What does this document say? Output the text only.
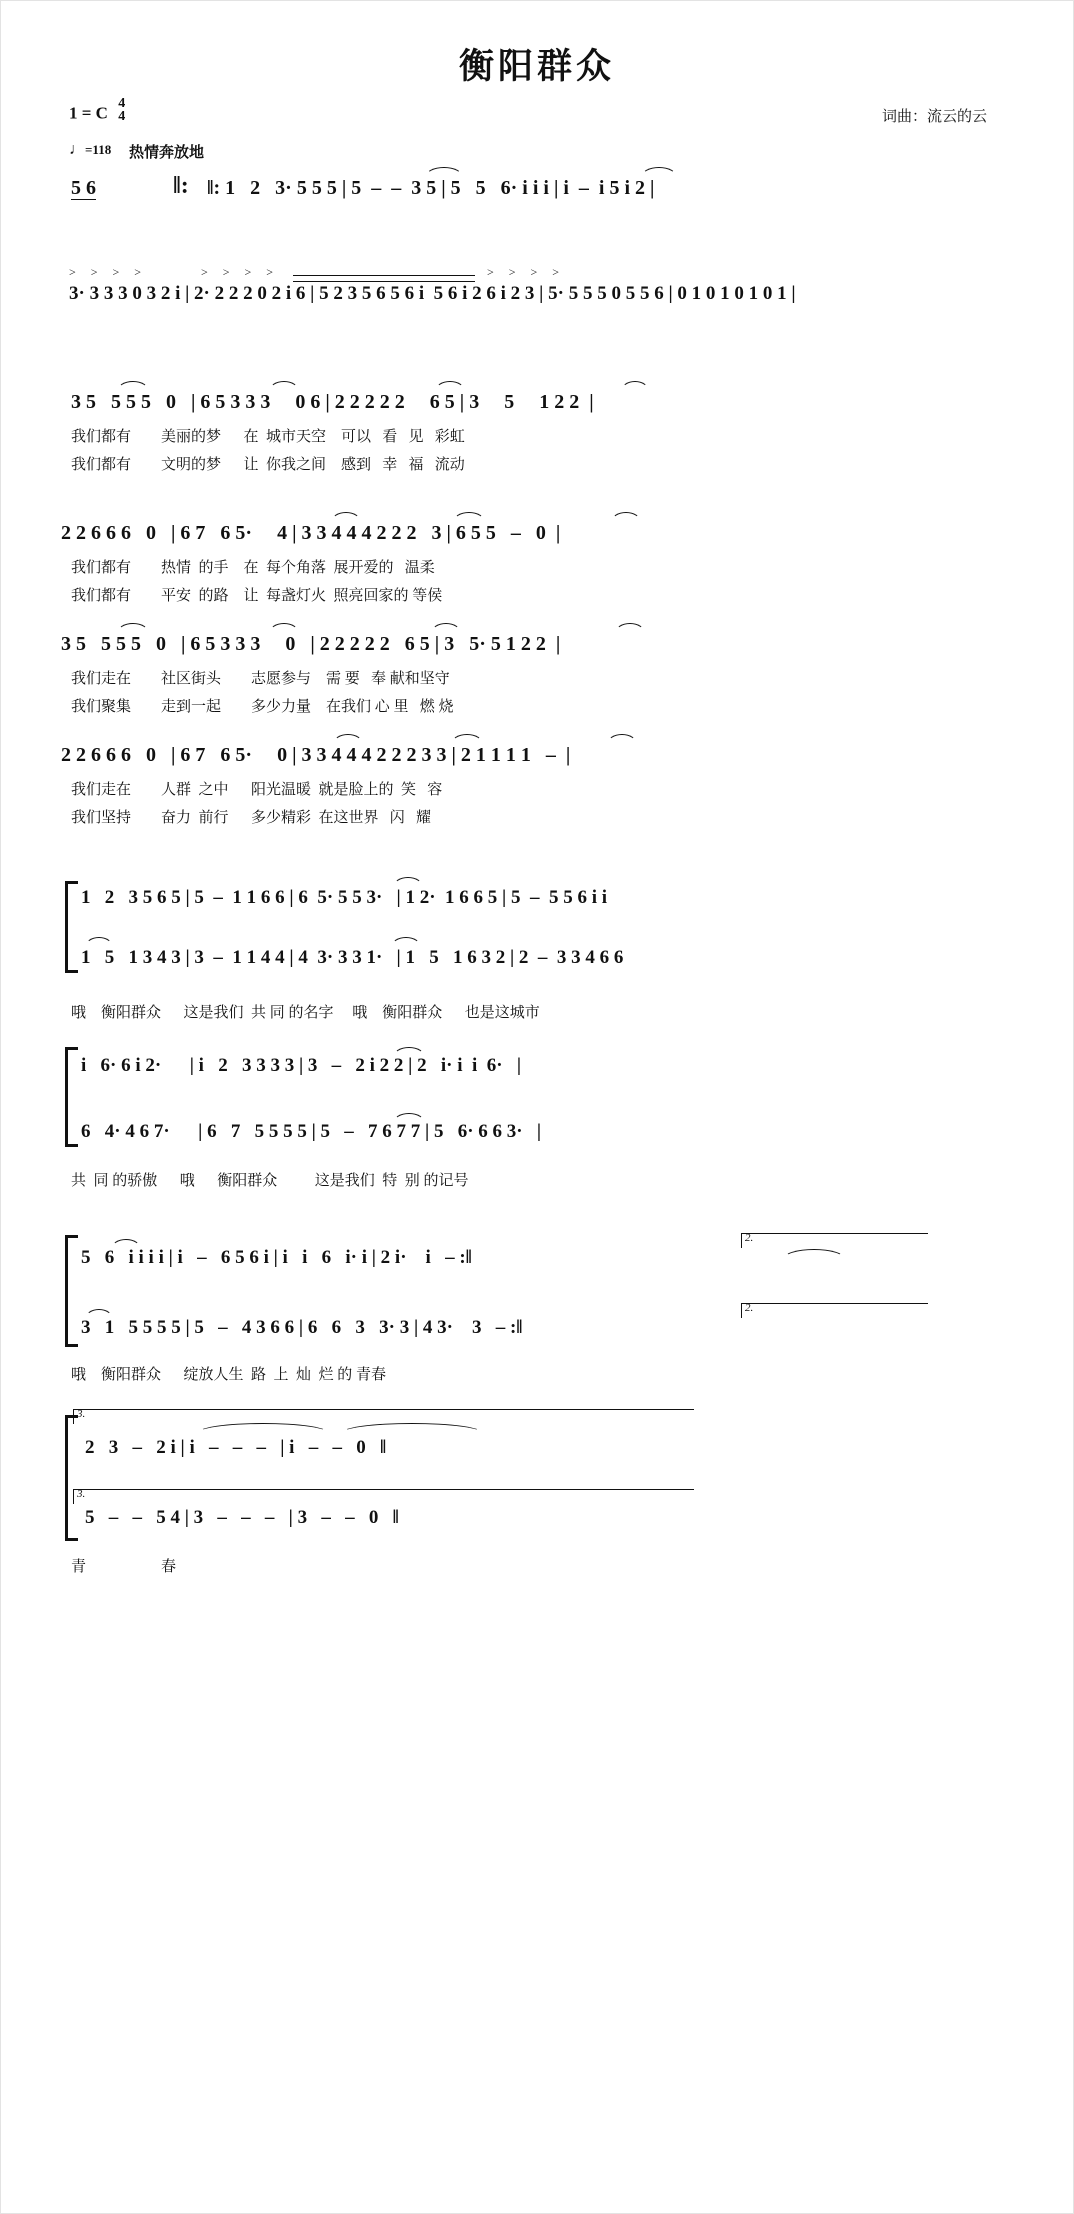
衡阳群众
1 = C 4
4	词曲：流云的云
♩=118 热情奔放地
5 6	‖: ‖: 1   2   3· 5 5 5 | 5  –  –  3 5 | 5   5   6· i i i | i  –  i 5 i 2 |
3· 3 3 3 0 3 2 i | 2· 2 2 2 0 2 i 6 | 5 2 3 5 6 5 6 i  5 6 i 2 6 i 2 3 | 5· 5 5 5 0 5 5 6 | 0 1 0 1 0 1 0 1 |
> > > >	> > > >	> > > >
3 5   5 5 5   0   | 6 5 3 3 3     0 6 | 2 2 2 2 2     6 5 | 3     5     1 2 2  |
我们都有        美丽的梦      在  城市天空    可以   看   见   彩虹
我们都有        文明的梦      让  你我之间    感到   幸   福   流动
2 2 6 6 6   0   | 6 7   6 5·     4 | 3 3 4 4 4 2 2 2   3 | 6 5 5   –   0  |
我们都有        热情  的手    在  每个角落  展开爱的   温柔
我们都有        平安  的路    让  每盏灯火  照亮回家的 等侯
3 5   5 5 5   0   | 6 5 3 3 3     0   | 2 2 2 2 2   6 5 | 3   5· 5 1 2 2  |
我们走在        社区街头        志愿参与    需 要   奉 献和坚守
我们聚集        走到一起        多少力量    在我们 心 里   燃 烧
2 2 6 6 6   0   | 6 7   6 5·     0 | 3 3 4 4 4 2 2 2 3 3 | 2 1 1 1 1   –  |
我们走在        人群  之中      阳光温暖  就是脸上的  笑   容
我们坚持        奋力  前行      多少精彩  在这世界   闪   耀
1   2   3 5 6 5 | 5  –  1 1 6 6 | 6  5· 5 5 3·   | 1 2·  1 6 6 5 | 5  –  5 5 6 i i
1   5   1 3 4 3 | 3  –  1 1 4 4 | 4  3· 3 3 1·   | 1   5   1 6 3 2 | 2  –  3 3 4 6 6
哦    衡阳群众      这是我们  共 同 的名字     哦    衡阳群众      也是这城市
i   6· 6 i 2·      | i   2   3 3 3 3 | 3   –   2 i 2 2 | 2   i· i  i  6·   |
6   4· 4 6 7·      | 6   7   5 5 5 5 | 5   –   7 6 7 7 | 5   6· 6 6 3·   |
共  同 的骄傲      哦      衡阳群众          这是我们  特  别 的记号
5   6   i i i i | i   –   6 5 6 i | i   i   6   i· i | 2 i·    i   – :‖
3   1   5 5 5 5 | 5   –   4 3 6 6 | 6   6   3   3· 3 | 4 3·    3   – :‖
2.
2.
哦    衡阳群众      绽放人生  路  上  灿  烂 的 青春
3.
3.
2   3   –   2 i | i   –   –   –   | i   –   –   0   ‖
5   –   –   5 4 | 3   –   –   –   | 3   –   –   0   ‖
青                    春
